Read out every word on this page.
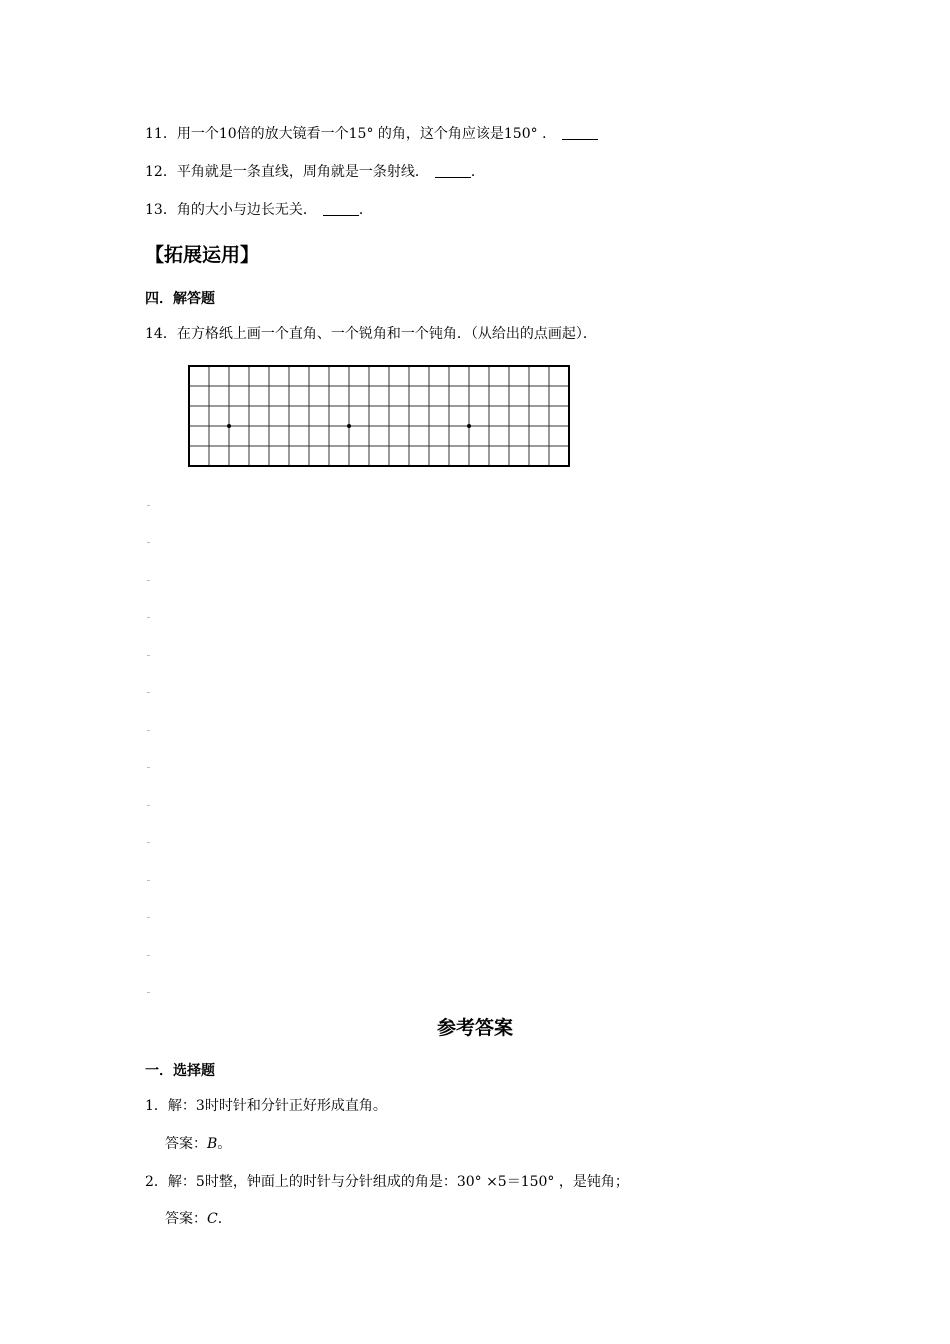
11．用一个10倍的放大镜看一个15° 的角，这个角应该是150° ．
12．平角就是一条直线，周角就是一条射线．	．
13．角的大小与边长无关．	．
【拓展运用】
四．解答题
14．在方格纸上画一个直角、一个锐角和一个钝角．（从给出的点画起）．
参考答案
一．选择题
1．解：3时时针和分针正好形成直角。
答案：B。
2．解：5时整，钟面上的时针与分针组成的角是：30° ×5＝150° ，是钝角；
答案：C．
